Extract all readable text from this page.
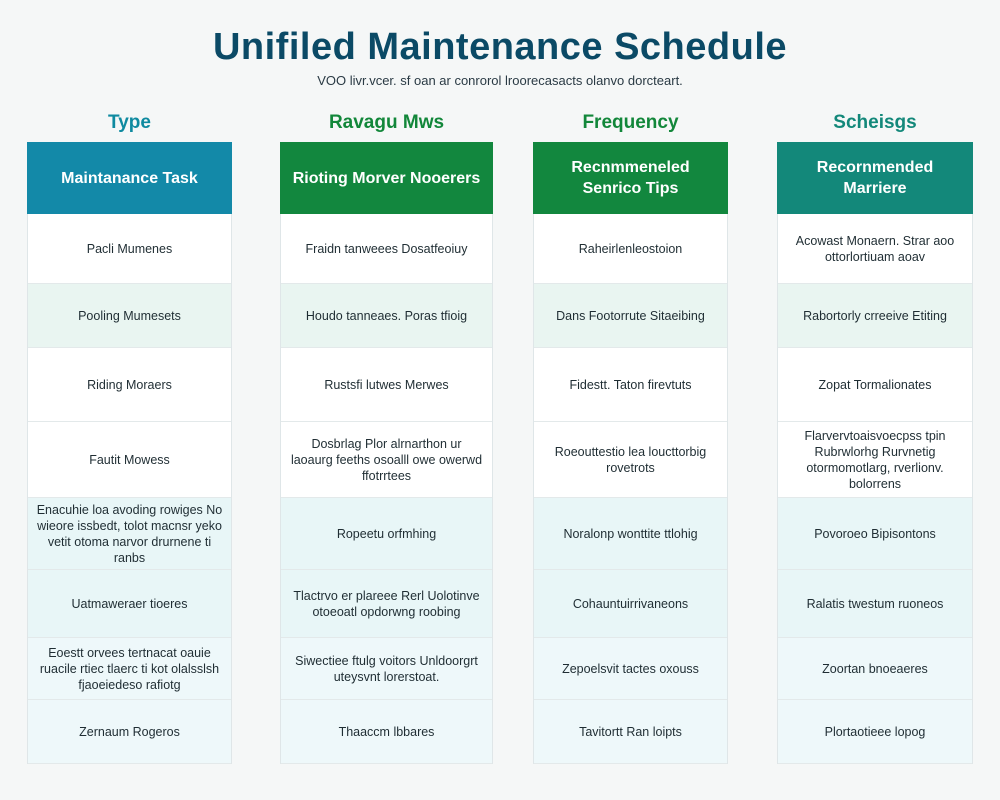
Unifiled Maintenance Schedule
VOO livr.vcer. sf oan ar conrorol lroorecasacts olanvo dorcteart.
Type
Maintanance Task
Pacli Mumenes
Pooling Mumesets
Riding Moraers
Fautit Mowess
Enacuhie loa avoding rowiges No wieore issbedt, tolot macnsr yeko vetit otoma narvor drurnene ti ranbs
Uatmaweraer tioeres
Eoestt orvees tertnacat oauie ruacile rtiec tlaerc ti kot olalsslsh fjaoeiedeso rafiotg
Zernaum Rogeros
Ravagu Mws
Rioting Morver Nooerers
Fraidn tanweees Dosatfeoiuy
Houdo tanneaes. Poras tfioig
Rustsfi lutwes Merwes
Dosbrlag Plor alrnarthon ur laoaurg feeths osoalll owe owerwd ffotrrtees
Ropeetu orfmhing
Tlactrvo er plareee Rerl Uolotinve otoeoatl opdorwng roobing
Siwectiee ftulg voitors Unldoorgrt uteysvnt lorerstoat.
Thaaccm lbbares
Frequency
Recnmmeneled Senrico Tips
Raheirlenleostoion
Dans Footorrute Sitaeibing
Fidestt. Taton firevtuts
Roeouttestio lea loucttorbig rovetrots
Noralonp wonttite ttlohig
Cohauntuirrivaneons
Zepoelsvit tactes oxouss
Tavitortt Ran loipts
Scheisgs
Recornmended Marriere
Acowast Monaern. Strar aoo ottorlortiuam aoav
Rabortorly crreeive Etiting
Zopat Tormalionates
Flarvervtoaisvoecpss tpin Rubrwlorhg Rurvnetig otormomotlarg, rverlionv. bolorrens
Povoroeo Bipisontons
Ralatis twestum ruoneos
Zoortan bnoeaeres
Plortaotieee lopog
